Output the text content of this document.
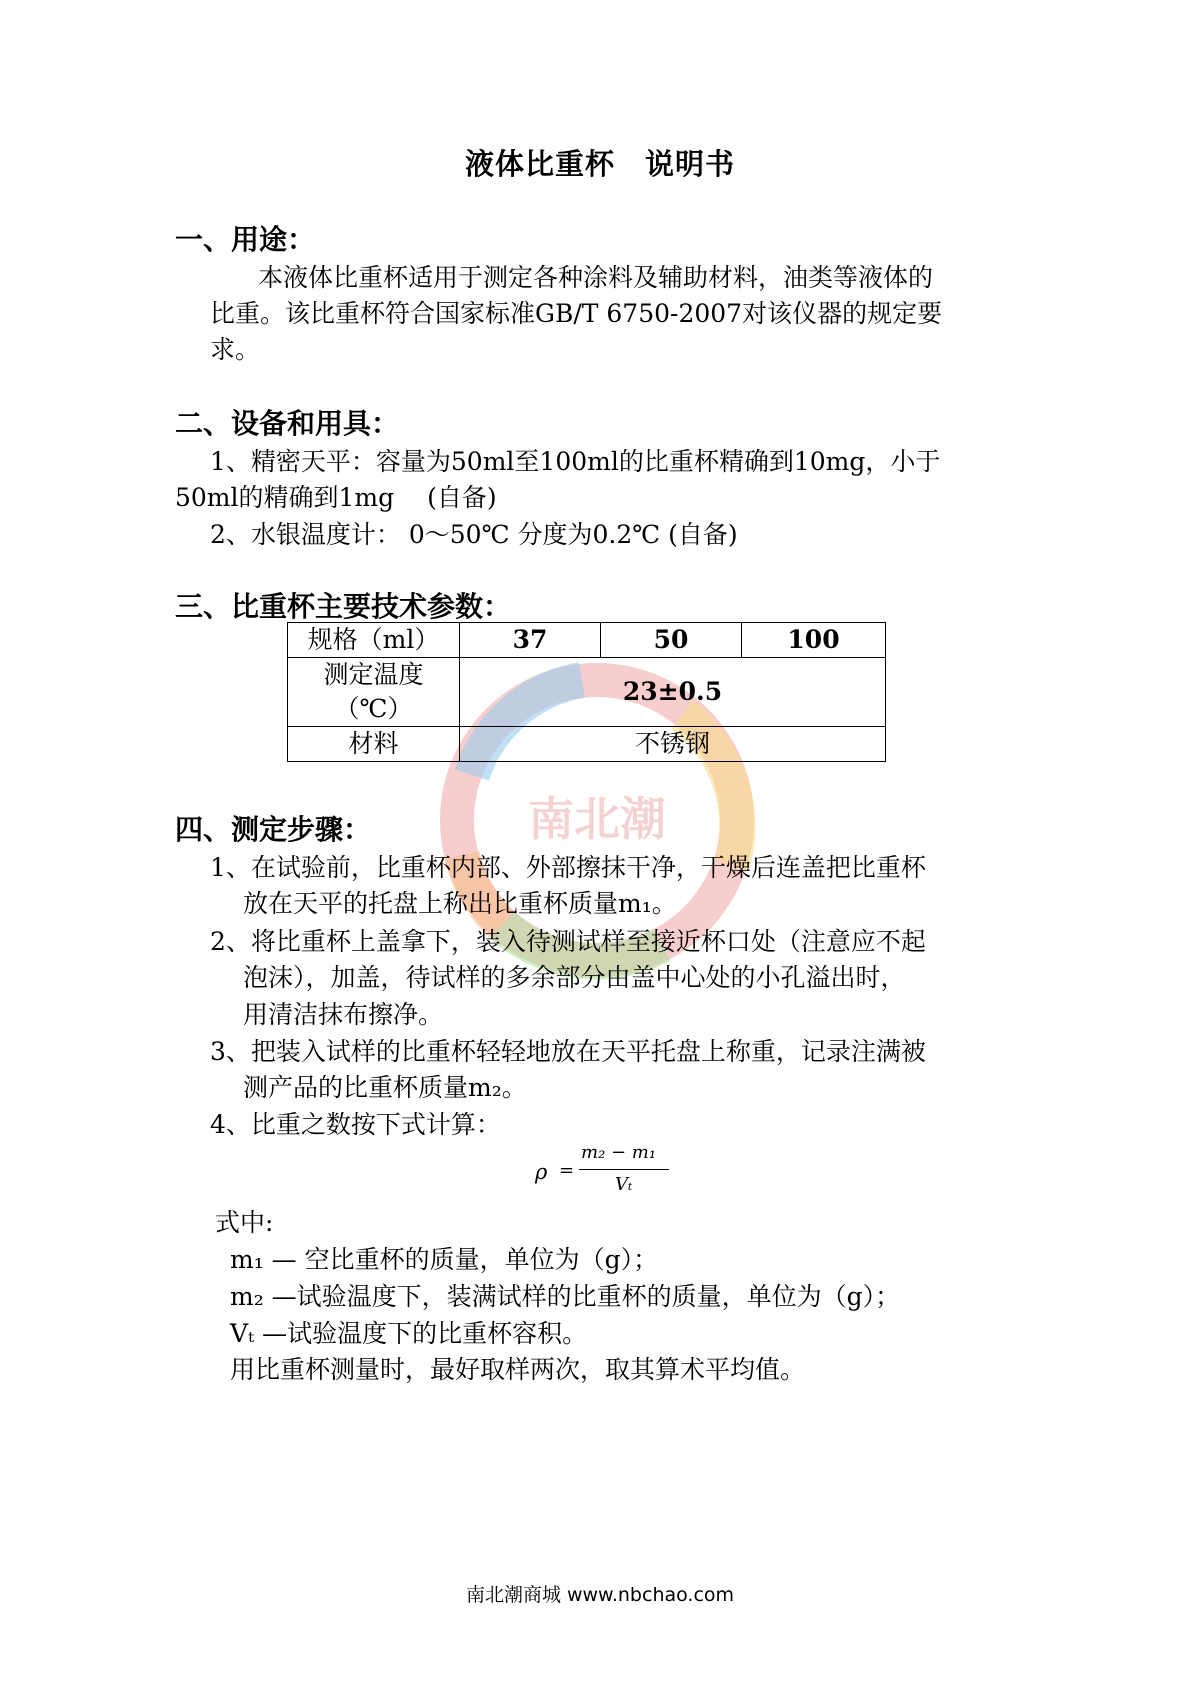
南北潮
液体比重杯 说明书
一、用途：
本液体比重杯适用于测定各种涂料及辅助材料，油类等液体的
比重。该比重杯符合国家标准GB/T 6750-2007对该仪器的规定要
求。
二、设备和用具：
1、精密天平：容量为50ml至100ml的比重杯精确到10mg，小于
50ml的精确到1mg　 (自备)
2、水银温度计： 0～50℃ 分度为0.2℃ (自备)
三、比重杯主要技术参数：
规格（ml）	37	50	100

测定温度
（℃）	23±0.5		
材料	不锈钢		
四、测定步骤：
1、在试验前，比重杯内部、外部擦抹干净，干燥后连盖把比重杯
放在天平的托盘上称出比重杯质量m₁。
2、将比重杯上盖拿下，装入待测试样至接近杯口处（注意应不起
泡沫），加盖，待试样的多余部分由盖中心处的小孔溢出时，
用清洁抹布擦净。
3、把装入试样的比重杯轻轻地放在天平托盘上称重，记录注满被
测产品的比重杯质量m₂。
4、比重之数按下式计算：
ρ =
m₂ − m₁
Vₜ
式中:
m₁ — 空比重杯的质量，单位为（g）；
m₂ —试验温度下，装满试样的比重杯的质量，单位为（g）；
Vₜ —试验温度下的比重杯容积。
用比重杯测量时，最好取样两次，取其算术平均值。
南北潮商城 www.nbchao.com
